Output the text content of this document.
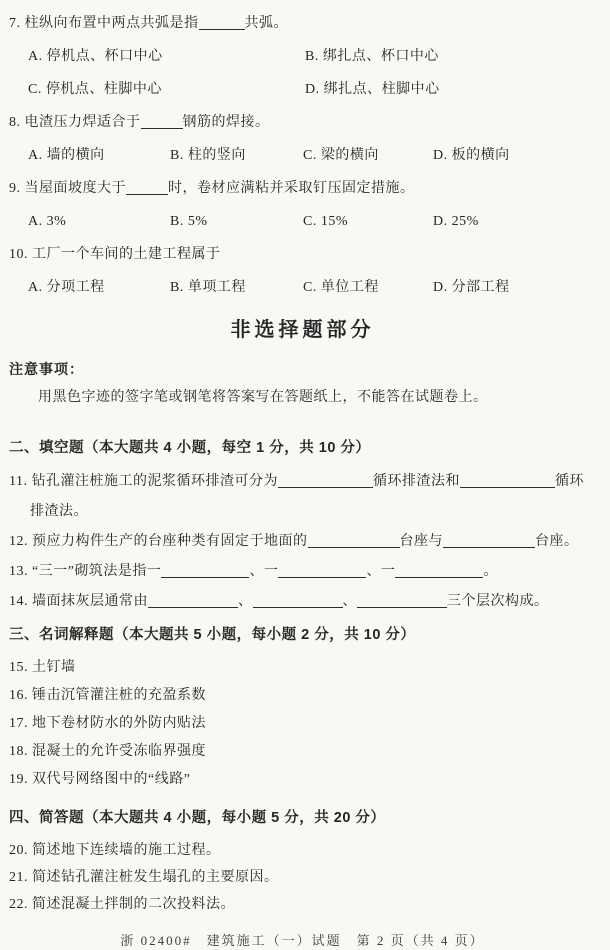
7. 柱纵向布置中两点共弧是指	共弧。
A. 停机点、杯口中心	B. 绑扎点、杯口中心
C. 停机点、柱脚中心	D. 绑扎点、柱脚中心
8. 电渣压力焊适合于	钢筋的焊接。
A. 墙的横向	B. 柱的竖向	C. 梁的横向	D. 板的横向
9. 当屋面坡度大于	时，卷材应满粘并采取钉压固定措施。
A. 3%	B. 5%	C. 15%	D. 25%
10. 工厂一个车间的土建工程属于
A. 分项工程	B. 单项工程	C. 单位工程	D. 分部工程
非选择题部分
注意事项：
用黑色字迹的签字笔或钢笔将答案写在答题纸上，不能答在试题卷上。
二、填空题（本大题共 4 小题，每空 1 分，共 10 分）
11. 钻孔灌注桩施工的泥浆循环排渣可分为	循环排渣法和	循环排渣法。
12. 预应力构件生产的台座种类有固定于地面的	台座与	台座。
13. “三一”砌筑法是指一	、一	、一	。
14. 墙面抹灰层通常由	、	、	三个层次构成。
三、名词解释题（本大题共 5 小题，每小题 2 分，共 10 分）
15. 土钉墙
16. 锤击沉管灌注桩的充盈系数
17. 地下卷材防水的外防内贴法
18. 混凝土的允许受冻临界强度
19. 双代号网络图中的“线路”
四、简答题（本大题共 4 小题，每小题 5 分，共 20 分）
20. 简述地下连续墙的施工过程。
21. 简述钻孔灌注桩发生塌孔的主要原因。
22. 简述混凝土拌制的二次投料法。
浙 02400#　建筑施工（一）试题　第 2 页（共 4 页）
